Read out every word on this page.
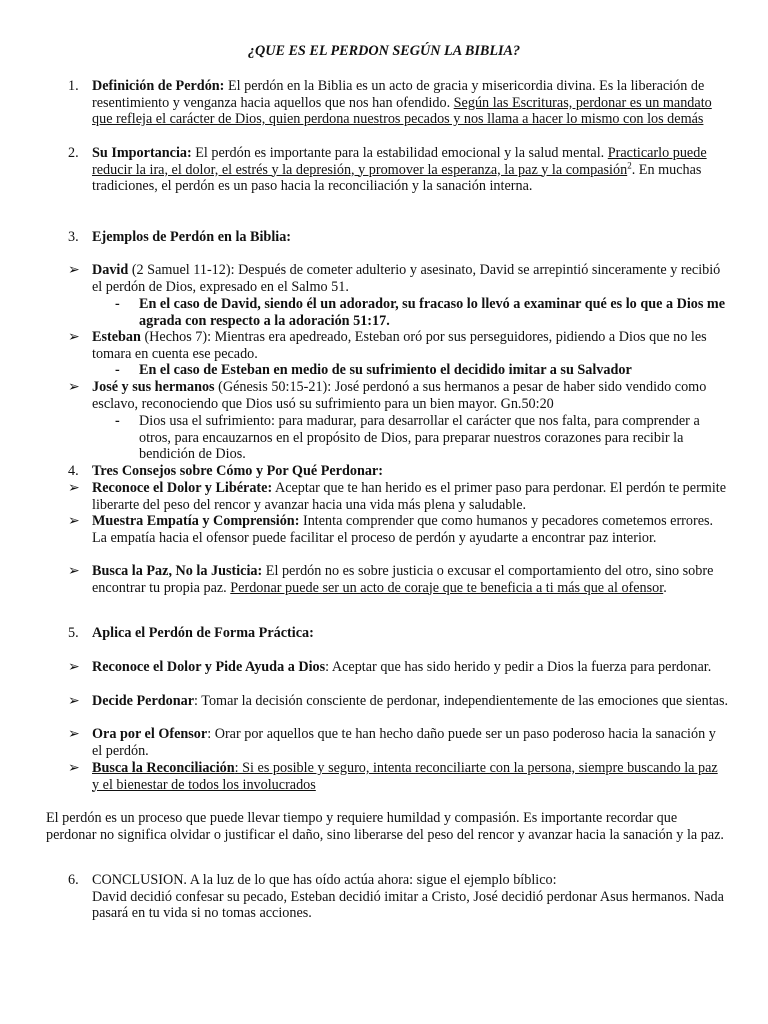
¿QUE ES EL PERDON SEGÚN LA BIBLIA?
1. Definición de Perdón: El perdón en la Biblia es un acto de gracia y misericordia divina. Es la liberación de resentimiento y venganza hacia aquellos que nos han ofendido. Según las Escrituras, perdonar es un mandato que refleja el carácter de Dios, quien perdona nuestros pecados y nos llama a hacer lo mismo con los demás
2. Su Importancia: El perdón es importante para la estabilidad emocional y la salud mental. Practicarlo puede reducir la ira, el dolor, el estrés y la depresión, y promover la esperanza, la paz y la compasión$^2$. En muchas tradiciones, el perdón es un paso hacia la reconciliación y la sanación interna.
3. Ejemplos de Perdón en la Biblia:
➢ David (2 Samuel 11-12): Después de cometer adulterio y asesinato, David se arrepintió sinceramente y recibió el perdón de Dios, expresado en el Salmo 51.
- En el caso de David, siendo él un adorador, su fracaso lo llevó a examinar qué es lo que a Dios me agrada con respecto a la adoración 51:17.
➢ Esteban (Hechos 7): Mientras era apedreado, Esteban oró por sus perseguidores, pidiendo a Dios que no les tomara en cuenta ese pecado.
- En el caso de Esteban en medio de su sufrimiento el decidido imitar a su Salvador
➢ José y sus hermanos (Génesis 50:15-21): José perdonó a sus hermanos a pesar de haber sido vendido como esclavo, reconociendo que Dios usó su sufrimiento para un bien mayor. Gn.50:20
- Dios usa el sufrimiento: para madurar, para desarrollar el carácter que nos falta, para comprender a otros, para encauzarnos en el propósito de Dios, para preparar nuestros corazones para recibir la bendición de Dios.
4. Tres Consejos sobre Cómo y Por Qué Perdonar:
➢ Reconoce el Dolor y Libérate: Aceptar que te han herido es el primer paso para perdonar. El perdón te permite liberarte del peso del rencor y avanzar hacia una vida más plena y saludable.
➢ Muestra Empatía y Comprensión: Intenta comprender que como humanos y pecadores cometemos errores. La empatía hacia el ofensor puede facilitar el proceso de perdón y ayudarte a encontrar paz interior.
➢ Busca la Paz, No la Justicia: El perdón no es sobre justicia o excusar el comportamiento del otro, sino sobre encontrar tu propia paz. Perdonar puede ser un acto de coraje que te beneficia a ti más que al ofensor.
5. Aplica el Perdón de Forma Práctica:
➢ Reconoce el Dolor y Pide Ayuda a Dios: Aceptar que has sido herido y pedir a Dios la fuerza para perdonar.
➢ Decide Perdonar: Tomar la decisión consciente de perdonar, independientemente de las emociones que sientas.
➢ Ora por el Ofensor: Orar por aquellos que te han hecho daño puede ser un paso poderoso hacia la sanación y el perdón.
➢ Busca la Reconciliación: Si es posible y seguro, intenta reconciliarte con la persona, siempre buscando la paz y el bienestar de todos los involucrados
El perdón es un proceso que puede llevar tiempo y requiere humildad y compasión. Es importante recordar que perdonar no significa olvidar o justificar el daño, sino liberarse del peso del rencor y avanzar hacia la sanación y la paz.
6. CONCLUSION. A la luz de lo que has oído actúa ahora: sigue el ejemplo bíblico:
David decidió confesar su pecado, Esteban decidió imitar a Cristo, José decidió perdonar Asus hermanos. Nada pasará en tu vida si no tomas acciones.
